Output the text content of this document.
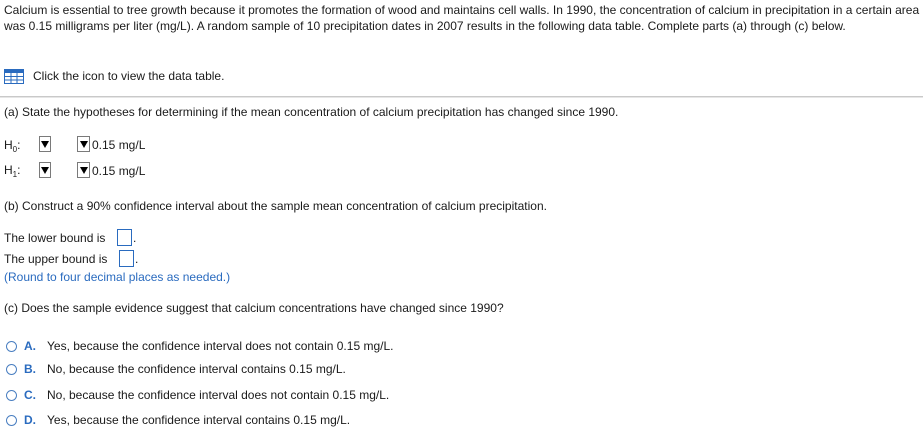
Calcium is essential to tree growth because it promotes the formation of wood and maintains cell walls. In 1990, the concentration of calcium in precipitation in a certain area was 0.15 milligrams per liter (mg/L). A random sample of 10 precipitation dates in 2007 results in the following data table. Complete parts (a) through (c) below.
Click the icon to view the data table.
(a) State the hypotheses for determining if the mean concentration of calcium precipitation has changed since 1990.
$H_0$:	0.15 mg/L
$H_1$:	0.15 mg/L
(b) Construct a 90% confidence interval about the sample mean concentration of calcium precipitation.
The lower bound is .
The upper bound is .
(Round to four decimal places as needed.)
(c) Does the sample evidence suggest that calcium concentrations have changed since 1990?
A. Yes, because the confidence interval does not contain 0.15 mg/L.
B. No, because the confidence interval contains 0.15 mg/L.
C. No, because the confidence interval does not contain 0.15 mg/L.
D. Yes, because the confidence interval contains 0.15 mg/L.
